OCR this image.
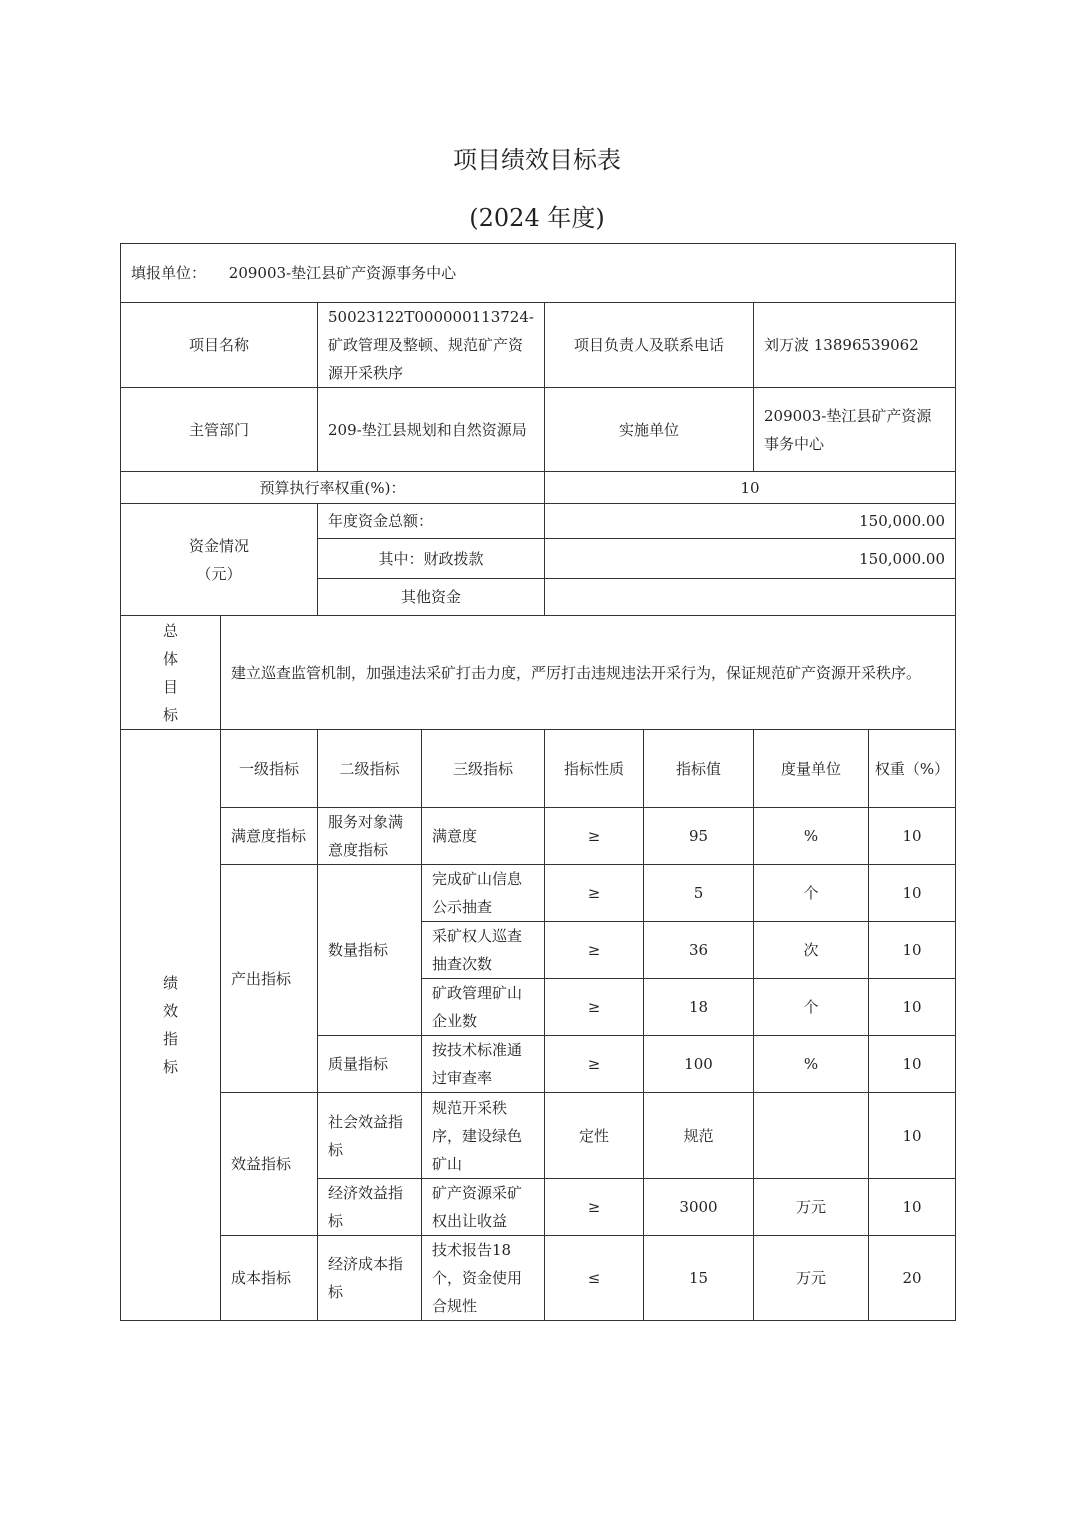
项目绩效目标表
(2024 年度)
填报单位： 209003-垫江县矿产资源事务中心							
项目名称		50023122T000000113724-矿政管理及整顿、规范矿产资源开采秩序		项目负责人及联系电话		刘万波 13896539062	
主管部门		209-垫江县规划和自然资源局		实施单位		209003-垫江县矿产资源事务中心	
预算执行率权重(%)：				10			

资金情况
（元）		年度资金总额：		150,000.00			
		其中：财政拨款		150,000.00			
		其他资金					

总
体
目
标	建立巡查监管机制，加强违法采矿打击力度，严厉打击违规违法开采行为，保证规范矿产资源开采秩序。						

绩
效
指
标	一级指标	二级指标	三级指标	指标性质	指标值	度量单位	权重（%）
	满意度指标	服务对象满意度指标	满意度	≥	95	%	10
	产出指标	数量指标	完成矿山信息公示抽查	≥	5	个	10
			采矿权人巡查抽查次数	≥	36	次	10
			矿政管理矿山企业数	≥	18	个	10
		质量指标	按技术标准通过审查率	≥	100	%	10
	效益指标	社会效益指标	规范开采秩序，建设绿色矿山	定性	规范		10
		经济效益指标	矿产资源采矿权出让收益	≥	3000	万元	10
	成本指标	经济成本指标	技术报告18个，资金使用合规性	≤	15	万元	20
